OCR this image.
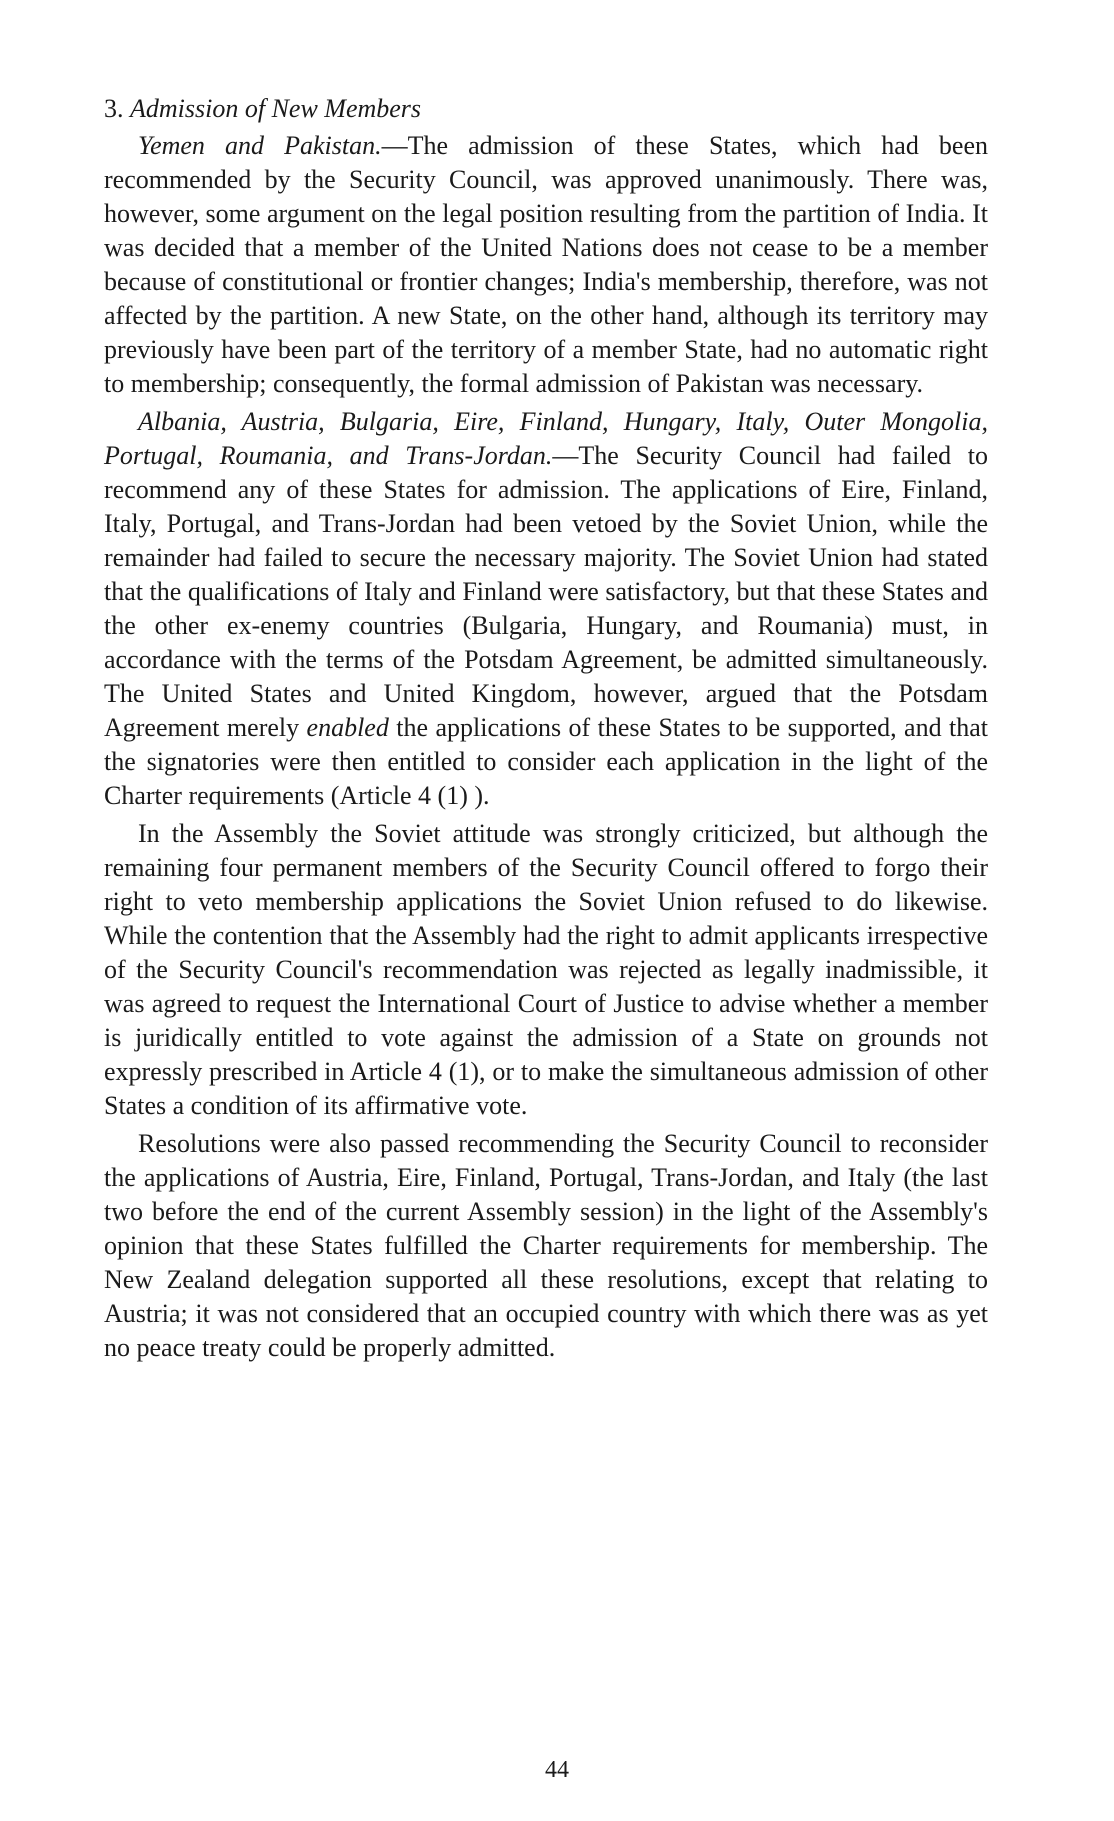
3. Admission of New Members

Yemen and Pakistan.—The admission of these States, which had been recommended by the Security Council, was approved unanimously. There was, however, some argument on the legal position resulting from the partition of India. It was decided that a member of the United Nations does not cease to be a member because of constitutional or frontier changes; India's membership, therefore, was not affected by the partition. A new State, on the other hand, although its territory may previously have been part of the territory of a member State, had no automatic right to membership; consequently, the formal admission of Pakistan was necessary.

Albania, Austria, Bulgaria, Eire, Finland, Hungary, Italy, Outer Mongolia, Portugal, Roumania, and Trans-Jordan.—The Security Council had failed to recommend any of these States for admission. The applications of Eire, Finland, Italy, Portugal, and Trans-Jordan had been vetoed by the Soviet Union, while the remainder had failed to secure the necessary majority. The Soviet Union had stated that the qualifications of Italy and Finland were satisfactory, but that these States and the other ex-enemy countries (Bulgaria, Hungary, and Roumania) must, in accordance with the terms of the Potsdam Agreement, be admitted simultaneously. The United States and United Kingdom, however, argued that the Potsdam Agreement merely enabled the applications of these States to be supported, and that the signatories were then entitled to consider each application in the light of the Charter requirements (Article 4 (1) ).

In the Assembly the Soviet attitude was strongly criticized, but although the remaining four permanent members of the Security Council offered to forgo their right to veto membership applications the Soviet Union refused to do likewise. While the contention that the Assembly had the right to admit applicants irrespective of the Security Council's recommendation was rejected as legally inadmissible, it was agreed to request the International Court of Justice to advise whether a member is juridically entitled to vote against the admission of a State on grounds not expressly prescribed in Article 4 (1), or to make the simultaneous admission of other States a condition of its affirmative vote.

Resolutions were also passed recommending the Security Council to reconsider the applications of Austria, Eire, Finland, Portugal, Trans-Jordan, and Italy (the last two before the end of the current Assembly session) in the light of the Assembly's opinion that these States fulfilled the Charter requirements for membership. The New Zealand delegation supported all these resolutions, except that relating to Austria; it was not considered that an occupied country with which there was as yet no peace treaty could be properly admitted.

44
